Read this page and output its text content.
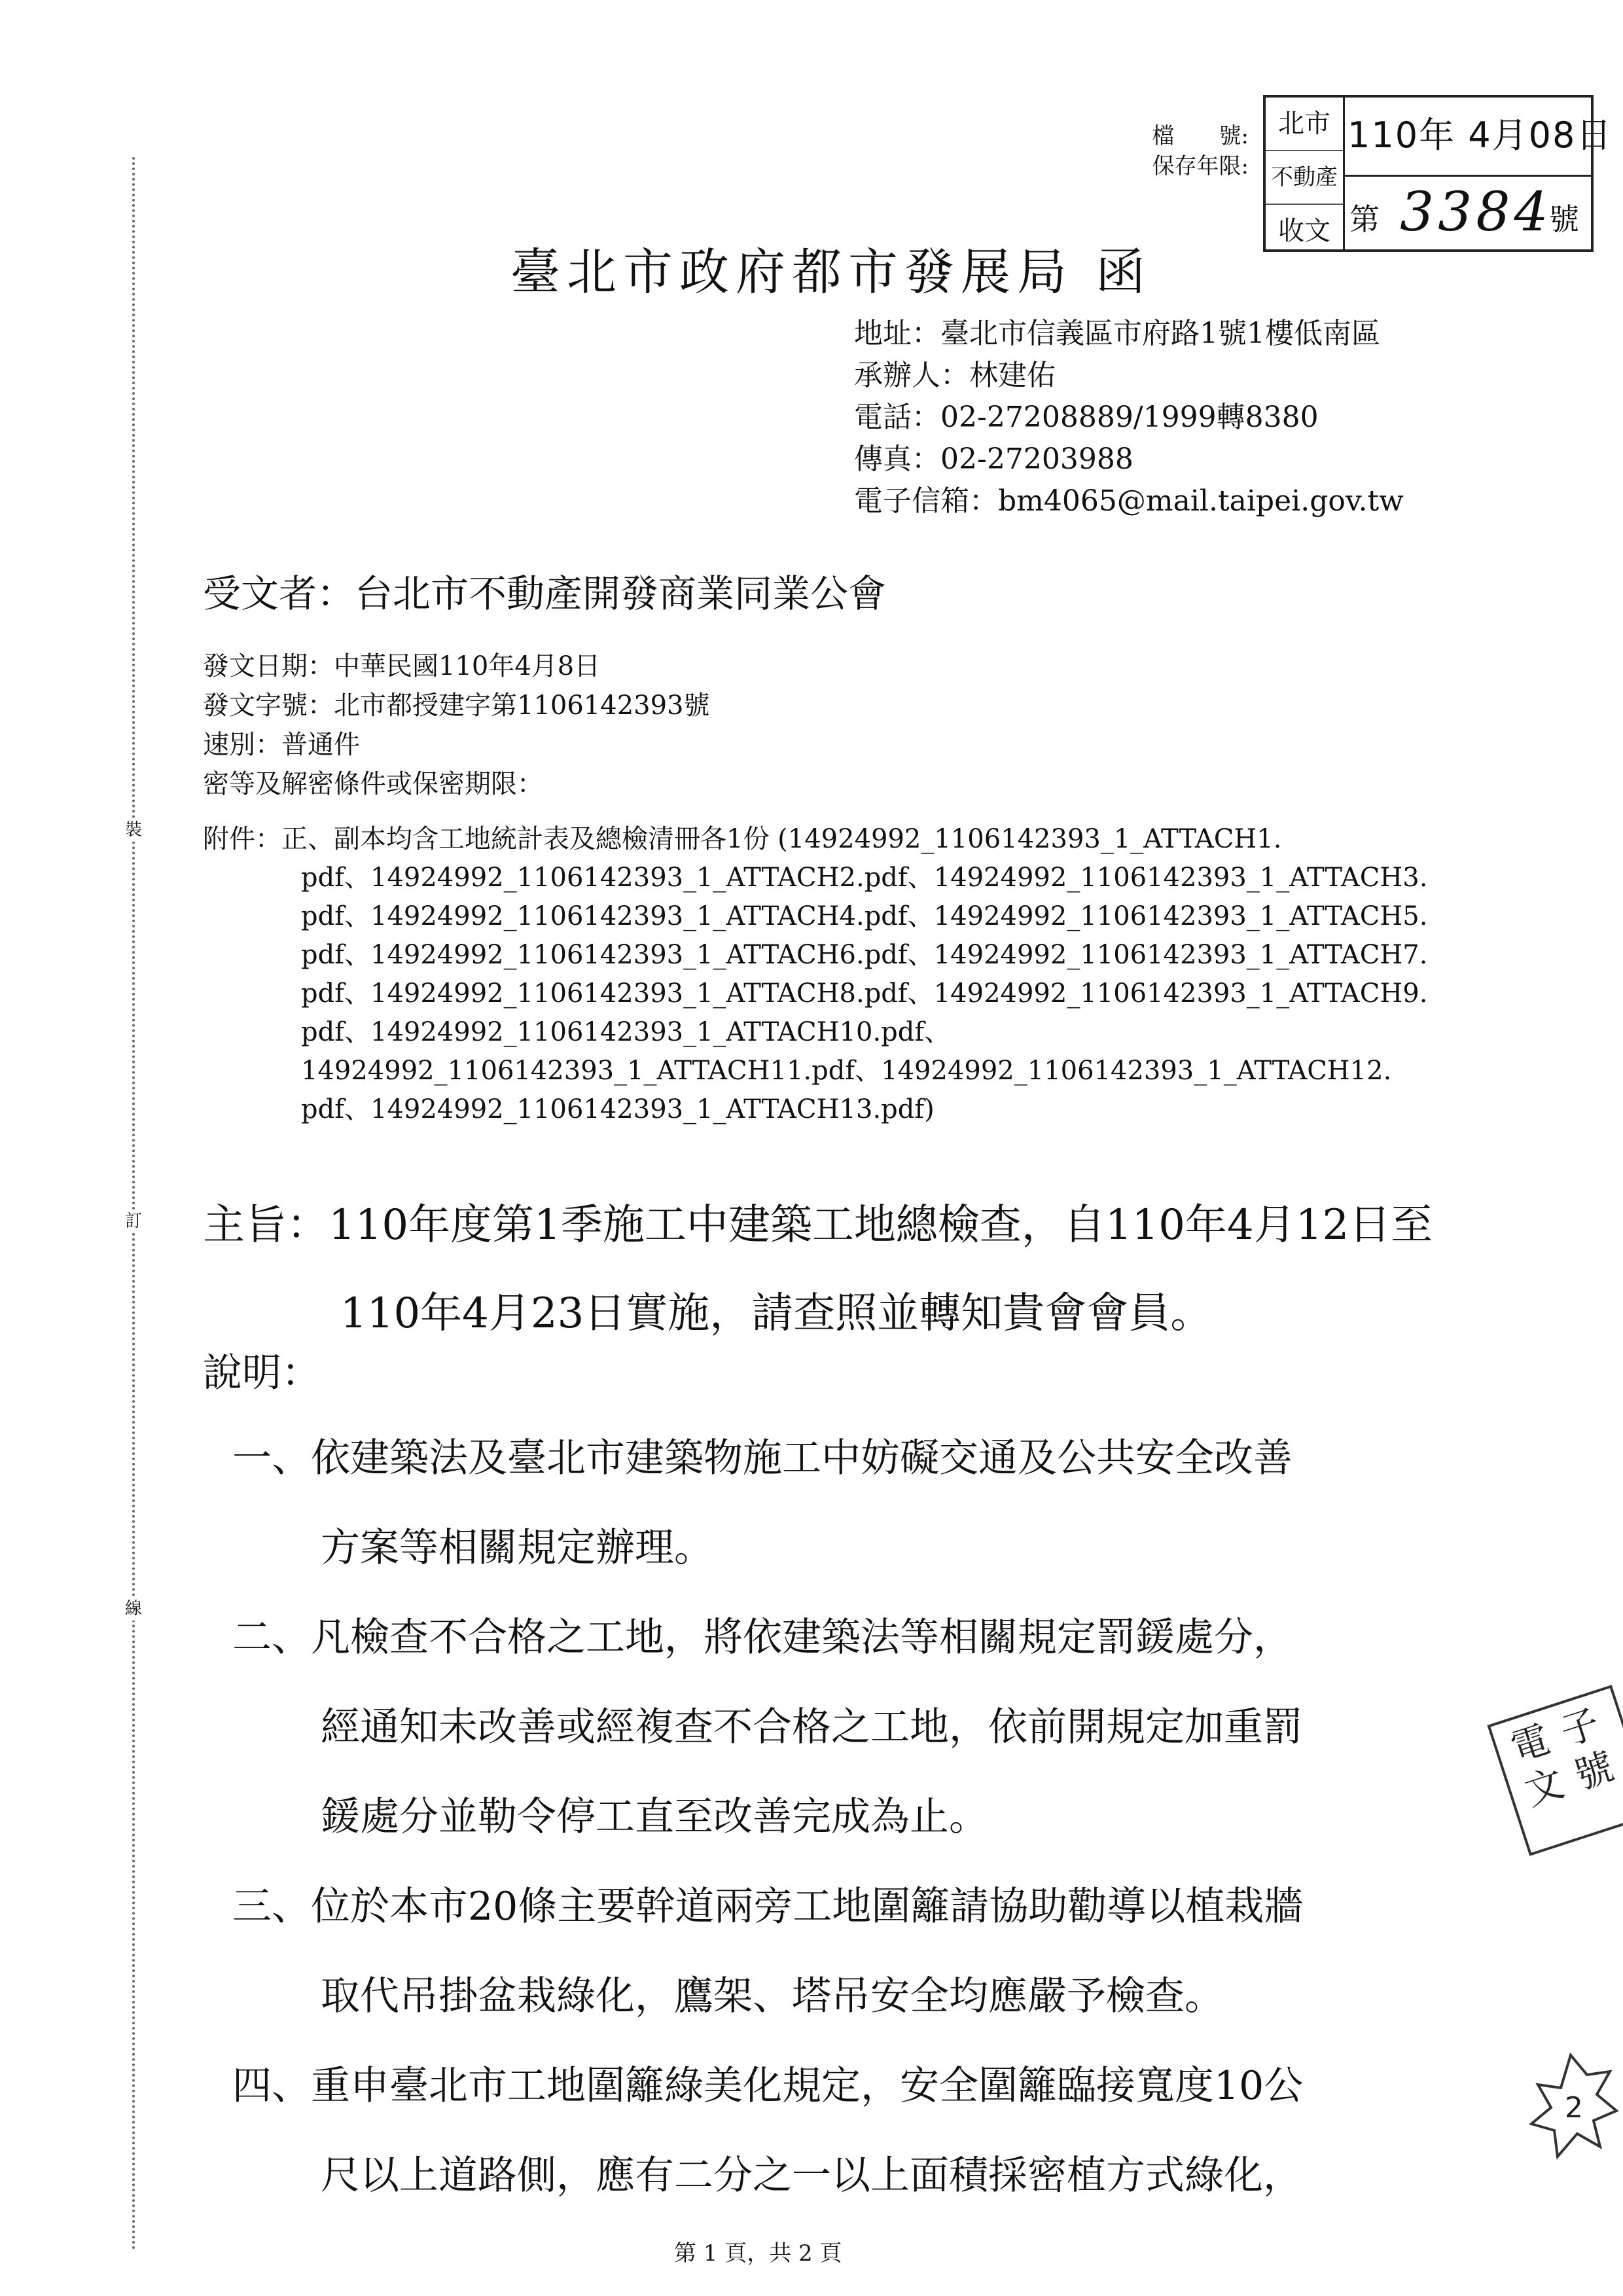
裝
訂
線
檔　　號:
保存年限:
北市
不動產
收文
110年 4月08日
第 3384
號
臺北市政府都市發展局 函
地址：臺北市信義區市府路1號1樓低南區
承辦人：林建佑
電話：02-27208889/1999轉8380
傳真：02-27203988
電子信箱：bm4065@mail.taipei.gov.tw
受文者：台北市不動產開發商業同業公會
發文日期：中華民國110年4月8日
發文字號：北市都授建字第1106142393號
速別：普通件
密等及解密條件或保密期限：
附件：正、副本均含工地統計表及總檢清冊各1份 (14924992_1106142393_1_ATTACH1.
pdf、14924992_1106142393_1_ATTACH2.pdf、14924992_1106142393_1_ATTACH3.
pdf、14924992_1106142393_1_ATTACH4.pdf、14924992_1106142393_1_ATTACH5.
pdf、14924992_1106142393_1_ATTACH6.pdf、14924992_1106142393_1_ATTACH7.
pdf、14924992_1106142393_1_ATTACH8.pdf、14924992_1106142393_1_ATTACH9.
pdf、14924992_1106142393_1_ATTACH10.pdf、
14924992_1106142393_1_ATTACH11.pdf、14924992_1106142393_1_ATTACH12.
pdf、14924992_1106142393_1_ATTACH13.pdf)
主旨：110年度第1季施工中建築工地總檢查，自110年4月12日至
110年4月23日實施，請查照並轉知貴會會員。
說明：
一、依建築法及臺北市建築物施工中妨礙交通及公共安全改善
方案等相關規定辦理。
二、凡檢查不合格之工地，將依建築法等相關規定罰鍰處分，
經通知未改善或經複查不合格之工地，依前開規定加重罰
鍰處分並勒令停工直至改善完成為止。
三、位於本市20條主要幹道兩旁工地圍籬請協助勸導以植栽牆
取代吊掛盆栽綠化，鷹架、塔吊安全均應嚴予檢查。
四、重申臺北市工地圍籬綠美化規定，安全圍籬臨接寬度10公
尺以上道路側，應有二分之一以上面積採密植方式綠化，
電子
文號
2
第 1 頁，共 2 頁
